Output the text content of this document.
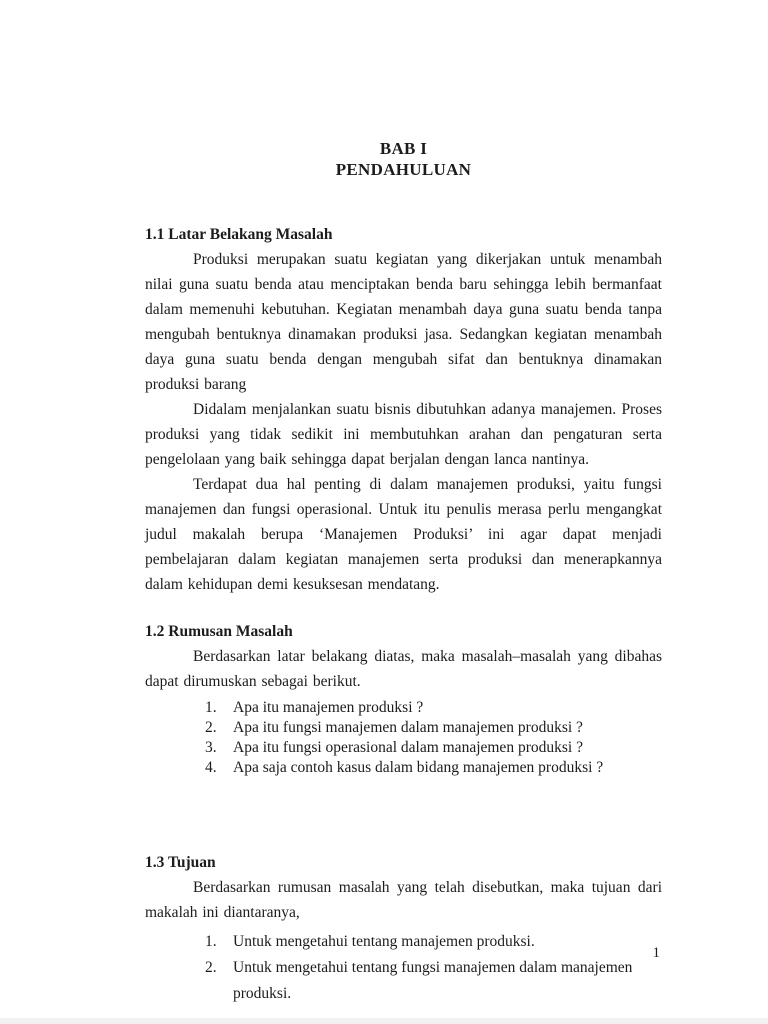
BAB I
PENDAHULUAN
1.1 Latar Belakang Masalah

Produksi merupakan suatu kegiatan yang dikerjakan untuk menambah nilai guna suatu benda atau menciptakan benda baru sehingga lebih bermanfaat dalam memenuhi kebutuhan. Kegiatan menambah daya guna suatu benda tanpa mengubah bentuknya dinamakan produksi jasa. Sedangkan kegiatan menambah daya guna suatu benda dengan mengubah sifat dan bentuknya dinamakan produksi barang

Didalam menjalankan suatu bisnis dibutuhkan adanya manajemen. Proses produksi yang tidak sedikit ini membutuhkan arahan dan pengaturan serta pengelolaan yang baik sehingga dapat berjalan dengan lanca nantinya.

Terdapat dua hal penting di dalam manajemen produksi, yaitu fungsi manajemen dan fungsi operasional. Untuk itu penulis merasa perlu mengangkat judul makalah berupa ‘Manajemen Produksi’ ini agar dapat menjadi pembelajaran dalam kegiatan manajemen serta produksi dan menerapkannya dalam kehidupan demi kesuksesan mendatang.

1.2 Rumusan Masalah

Berdasarkan latar belakang diatas, maka masalah–masalah yang dibahas dapat dirumuskan sebagai berikut.

1.	Apa itu manajemen produksi ?
2.	Apa itu fungsi manajemen dalam manajemen produksi ?
3.	Apa itu fungsi operasional dalam manajemen produksi ?
4.	Apa saja contoh kasus dalam bidang manajemen produksi ?
1.3 Tujuan

Berdasarkan rumusan masalah yang telah disebutkan, maka tujuan dari makalah ini diantaranya,

1.	Untuk mengetahui tentang manajemen produksi.
2.	Untuk mengetahui tentang fungsi manajemen dalam manajemen produksi.
1
